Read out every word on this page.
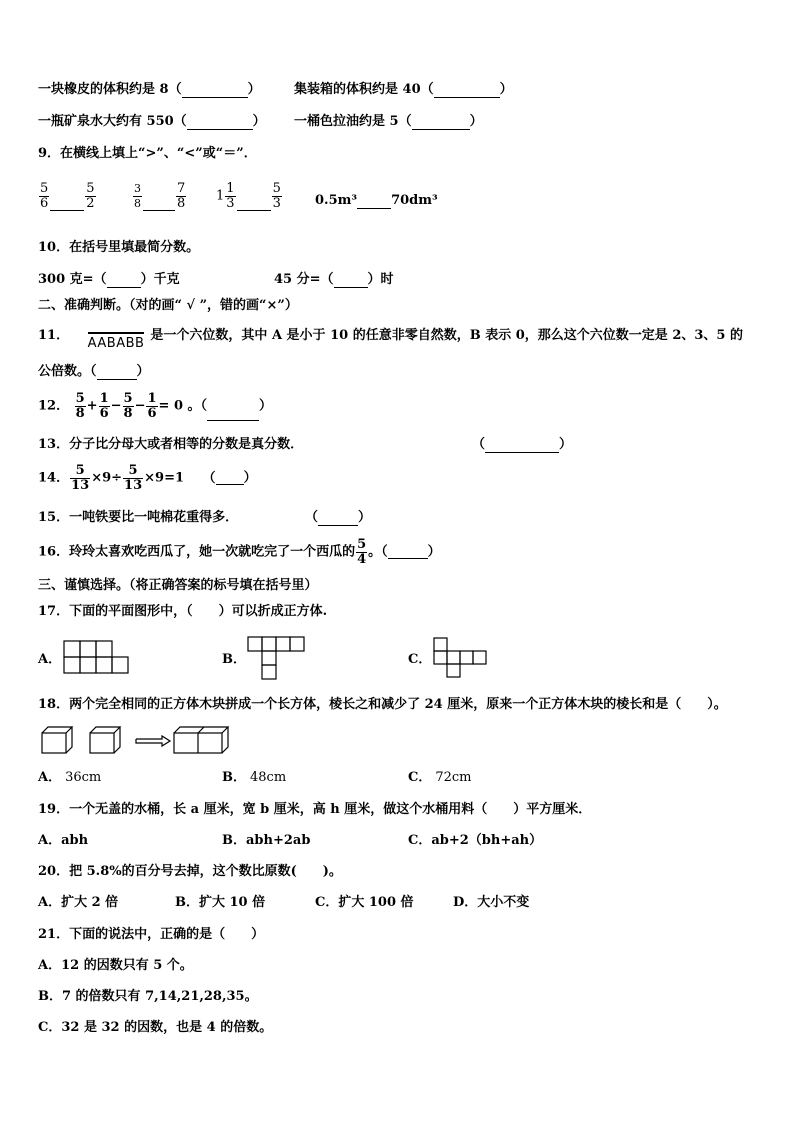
一块橡皮的体积约是 8（	）	集装箱的体积约是 40（	）
一瓶矿泉水大约有 550（	） 一桶色拉油约是 5（	）
9．在横线上填上“>”、“<”或“＝”．
$\frac{5}{6}$	$\frac{5}{2}$	$\frac{3}{8}$	$\frac{7}{8} 1 \frac{1}{3}$	$\frac{5}{3}$	0.5m³	70dm³
10．在括号里填最简分数。
300 克=（	）千克	45 分=（	）时
二、准确判断。（对的画“ √ ”，错的画“×”）
11． AABABB是一个六位数，其中 A 是小于 10 的任意非零自然数，B 表示 0，那么这个六位数一定是 2、3、5 的
公倍数。（	）
12． $\frac{5}{8} + \frac{1}{6} - \frac{5}{8} - \frac{1}{6} = 0$ 。（	）
13．分子比分母大或者相等的分数是真分数．	（	）
14． $\frac{5}{13} \times 9\div \frac{5}{13} \times 9=1$ （ ）
15．一吨铁要比一吨棉花重得多．	（	）
16．玲玲太喜欢吃西瓜了，她一次就吃完了一个西瓜的 $\frac{5}{4}$ 。（	）
三、谨慎选择。（将正确答案的标号填在括号里）
17．下面的平面图形中，（　　）可以折成正方体.
A．	B．	C．
18．两个完全相同的正方体木块拼成一个长方体，棱长之和减少了 24 厘米，原来一个正方体木块的棱长和是（　　）。
A． 36cm	B． 48cm	C． 72cm
19．一个无盖的水桶，长 a 厘米，宽 b 厘米，高 h 厘米，做这个水桶用料（　　）平方厘米．
A．abh	B．abh+2ab	C．ab+2（bh+ah）
20．把 5.8%的百分号去掉，这个数比原数(　　)。
A．扩大 2 倍	B．扩大 10 倍	C．扩大 100 倍	D．大小不变
21．下面的说法中，正确的是（　　）
A．12 的因数只有 5 个。
B．7 的倍数只有 7,14,21,28,35。
C．32 是 32 的因数，也是 4 的倍数。
